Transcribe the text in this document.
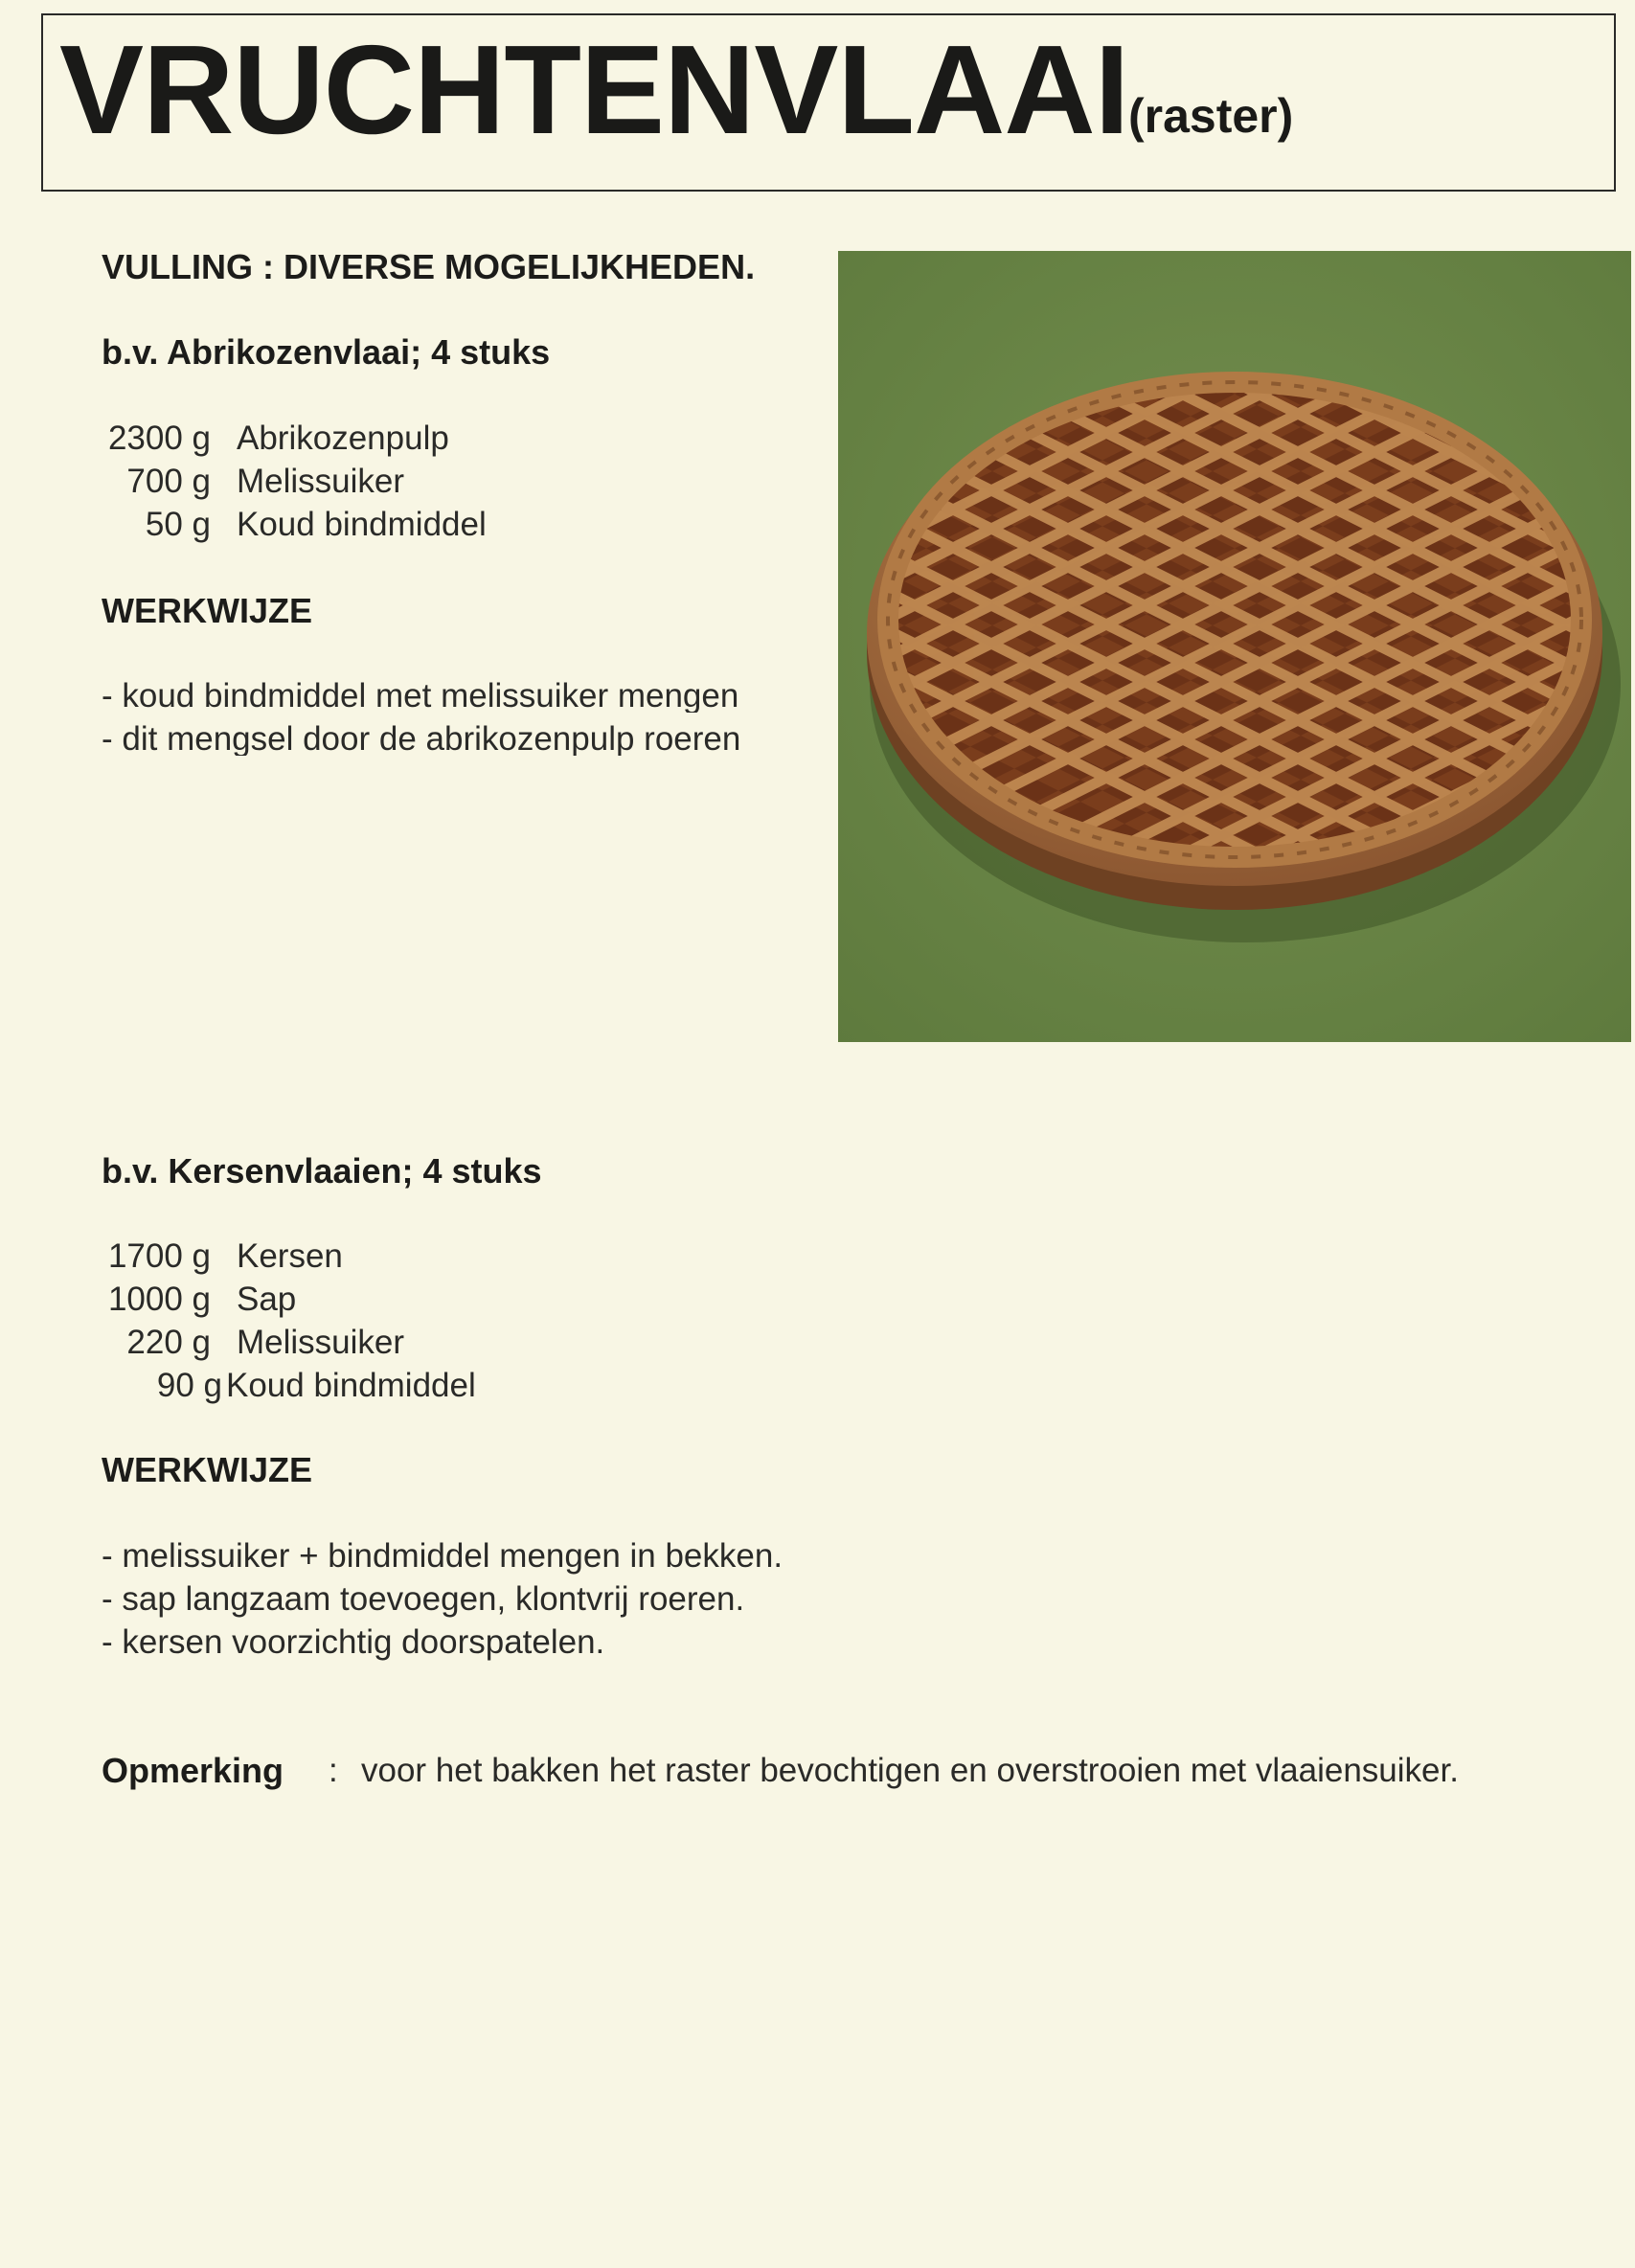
VRUCHTENVLAAI (raster)
VULLING : DIVERSE MOGELIJKHEDEN.
b.v. Abrikozenvlaai; 4 stuks
2300 g Abrikozenpulp
700 g Melissuiker
50 g Koud bindmiddel
WERKWIJZE
- koud bindmiddel met melissuiker mengen
- dit mengsel door de abrikozenpulp roeren
b.v. Kersenvlaaien; 4 stuks
1700 g Kersen
1000 g Sap
220 g Melissuiker
90 g Koud bindmiddel
WERKWIJZE
- melissuiker + bindmiddel mengen in bekken.
- sap langzaam toevoegen, klontvrij roeren.
- kersen voorzichtig doorspatelen.
Opmerking : voor het bakken het raster bevochtigen en overstrooien met vlaaiensuiker.
